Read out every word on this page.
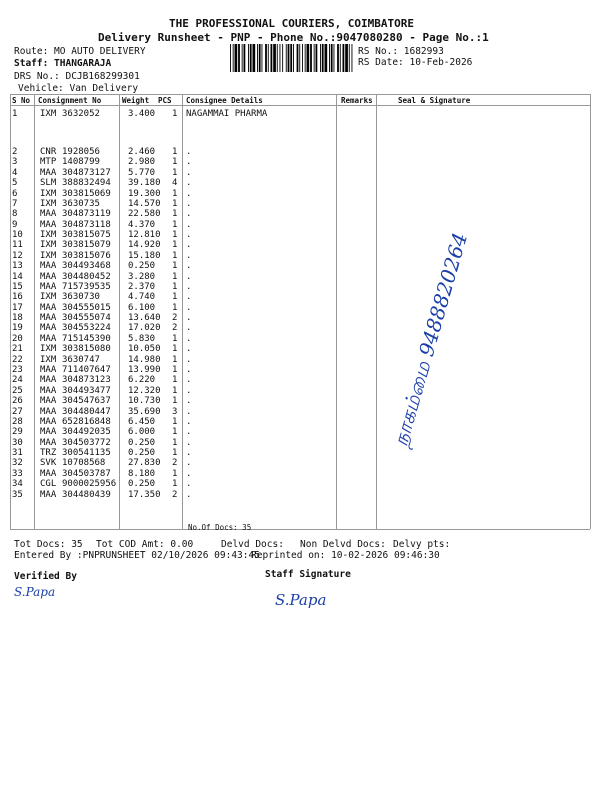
THE PROFESSIONAL COURIERS, COIMBATORE
Delivery Runsheet - PNP - Phone No.:9047080280 - Page No.:1
Route: MO AUTO DELIVERY
Staff: THANGARAJA
DRS No.: DCJB168299301
Vehicle: Van Delivery
RS No.: 1682993
RS Date: 10-Feb-2026
S No Consignment No	Weight PCS Consignee Details	Remarks	Seal & Signature
1	IXM 3632052	3.400 1 NAGAMMAI PHARMA
2	CNR 1928056	2.460 1 .
3	MTP 1408799	2.980 1 .
4	MAA 304873127 5.770 1 .
5	SLM 388832494 39.180 4 .
6	IXM 303815069 19.300 1 .
7	IXM 3630735	14.570 1 .
8	MAA 304873119 22.580 1 .
9	MAA 304873118 4.370 1 .
10 IXM 303815075 12.810 1 .
11 IXM 303815079 14.920 1 .
12 IXM 303815076 15.180 1 .
13 MAA 304493468 0.250 1 .
14 MAA 304480452 3.280 1 .
15 MAA 715739535 2.370 1 .
16 IXM 3630730	4.740 1 .
17 MAA 304555015 6.100 1 .
18 MAA 304555074 13.640 2 .
19 MAA 304553224 17.020 2 .
20 MAA 715145390 5.830 1 .
21 IXM 303815080 10.050 1 .
22 IXM 3630747	14.980 1 .
23 MAA 711407647 13.990 1 .
24 MAA 304873123 6.220 1 .
25 MAA 304493477 12.320 1 .
26 MAA 304547637 10.730 1 .
27 MAA 304480447 35.690 3 .
28 MAA 652816848 6.450 1 .
29 MAA 304492035 6.000 1 .
30 MAA 304503772 0.250 1 .
31 TRZ 300541135 0.250 1 .
32 SVK 10708568	27.830 2 .
33 MAA 304503787 8.180 1 .
34 CGL 9000025956 0.250 1 .
35 MAA 304480439 17.350 2 .
No.Of Docs: 35
Tot Docs: 35 Tot COD Amt: 0.00	Delvd Docs: Non Delvd Docs: Delvy pts:
Entered By :PNPRUNSHEET 02/10/2026 09:43:45
Reprinted on: 10-02-2026 09:46:30
Verified By	Staff Signature
S.Papa	S.Papa
நாகம்மை 9488820264
